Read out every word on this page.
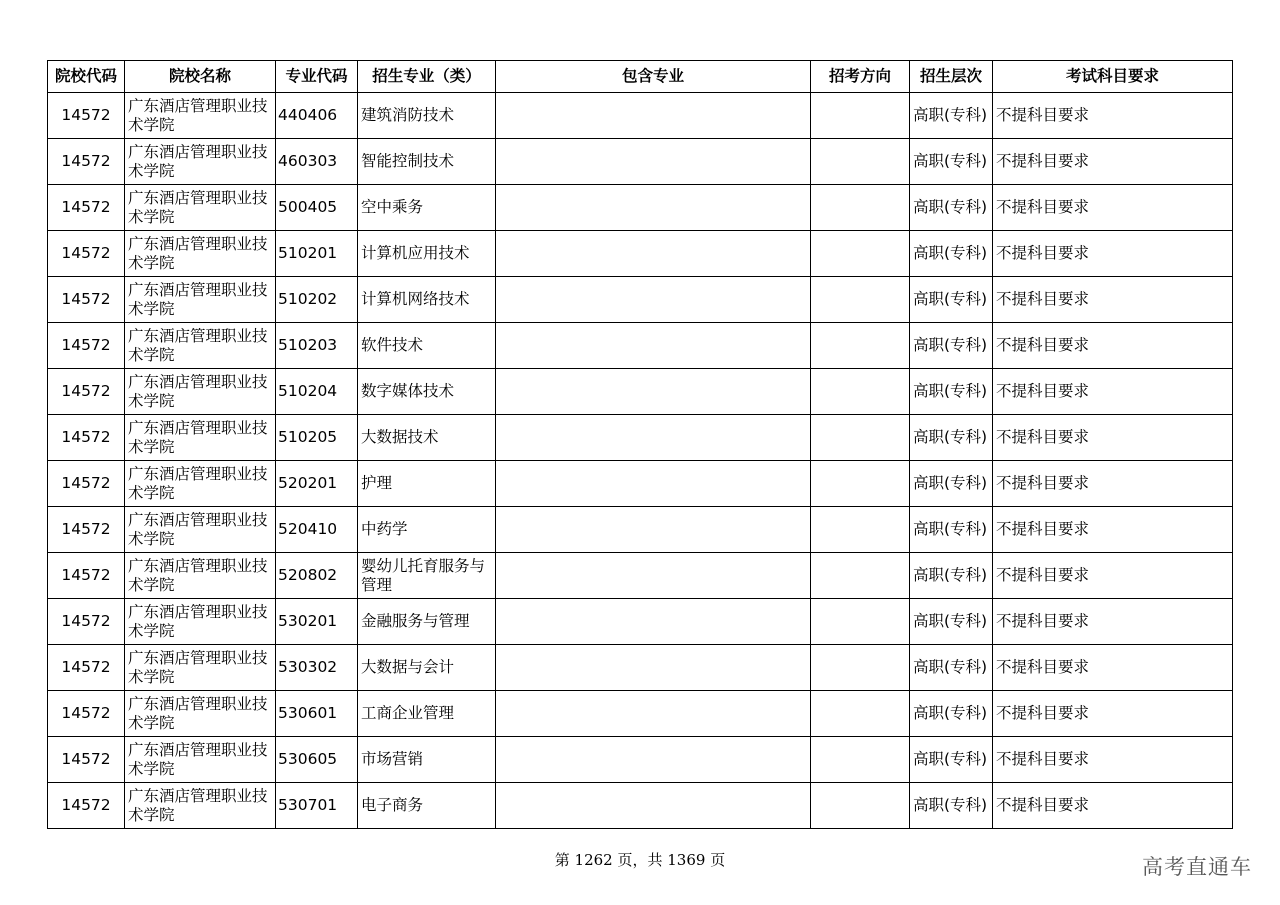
院校代码	院校名称	专业代码	招生专业（类）	包含专业	招考方向	招生层次	考试科目要求
14572	广东酒店管理职业技术学院	440406	建筑消防技术			高职(专科)	不提科目要求
14572	广东酒店管理职业技术学院	460303	智能控制技术			高职(专科)	不提科目要求
14572	广东酒店管理职业技术学院	500405	空中乘务			高职(专科)	不提科目要求
14572	广东酒店管理职业技术学院	510201	计算机应用技术			高职(专科)	不提科目要求
14572	广东酒店管理职业技术学院	510202	计算机网络技术			高职(专科)	不提科目要求
14572	广东酒店管理职业技术学院	510203	软件技术			高职(专科)	不提科目要求
14572	广东酒店管理职业技术学院	510204	数字媒体技术			高职(专科)	不提科目要求
14572	广东酒店管理职业技术学院	510205	大数据技术			高职(专科)	不提科目要求
14572	广东酒店管理职业技术学院	520201	护理			高职(专科)	不提科目要求
14572	广东酒店管理职业技术学院	520410	中药学			高职(专科)	不提科目要求
14572	广东酒店管理职业技术学院	520802	婴幼儿托育服务与管理			高职(专科)	不提科目要求
14572	广东酒店管理职业技术学院	530201	金融服务与管理			高职(专科)	不提科目要求
14572	广东酒店管理职业技术学院	530302	大数据与会计			高职(专科)	不提科目要求
14572	广东酒店管理职业技术学院	530601	工商企业管理			高职(专科)	不提科目要求
14572	广东酒店管理职业技术学院	530605	市场营销			高职(专科)	不提科目要求
14572	广东酒店管理职业技术学院	530701	电子商务			高职(专科)	不提科目要求
第 1262 页，共 1369 页	高考直通车
